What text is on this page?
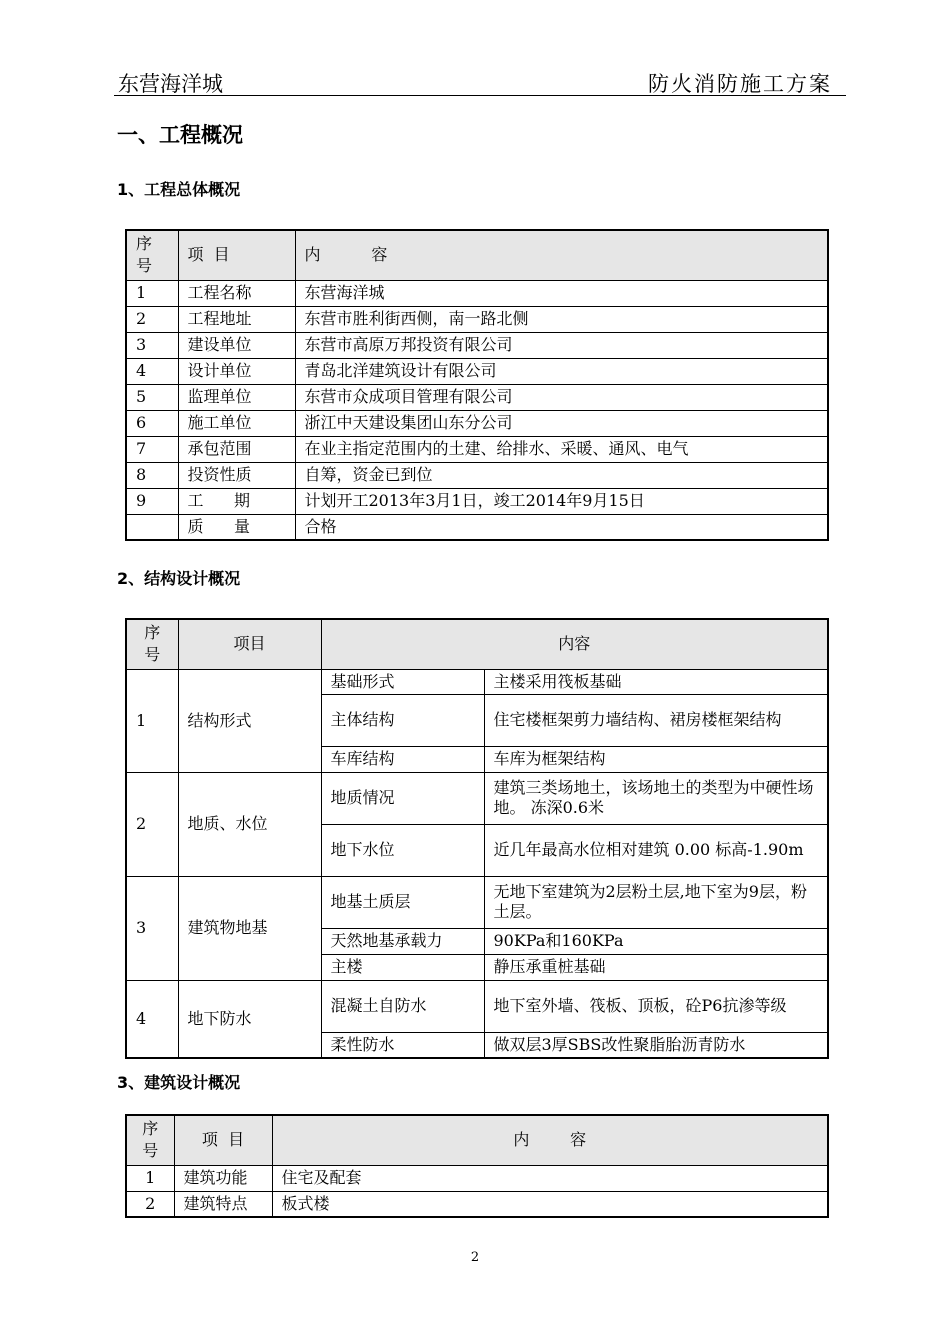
东营海洋城	防火消防施工方案
一、工程概况
1、工程总体概况
序号	项  目	内          容
1	工程名称	东营海洋城
2	工程地址	东营市胜利街西侧，南一路北侧
3	建设单位	东营市高原万邦投资有限公司
4	设计单位	青岛北洋建筑设计有限公司
5	监理单位	东营市众成项目管理有限公司
6	施工单位	浙江中天建设集团山东分公司
7	承包范围	在业主指定范围内的土建、给排水、采暖、通风、电气
8	投资性质	自筹，资金已到位
9	工      期	计划开工2013年3月1日，竣工2014年9月15日
	质      量	合格
2、结构设计概况
序号	项目	内容	
1	结构形式	基础形式	主楼采用筏板基础
		主体结构	住宅楼框架剪力墙结构、裙房楼框架结构
		车库结构	车库为框架结构
2	地质、水位	地质情况	建筑三类场地土，该场地土的类型为中硬性场地。 冻深0.6米
		地下水位	近几年最高水位相对建筑 0.00 标高-1.90m
3	建筑物地基	地基土质层	无地下室建筑为2层粉土层,地下室为9层，粉土层。
		天然地基承载力	90KPa和160KPa
		主楼	静压承重桩基础
4	地下防水	混凝土自防水	地下室外墙、筏板、顶板，砼P6抗渗等级
		柔性防水	做双层3厚SBS改性聚脂胎沥青防水
3、建筑设计概况
序号	项  目	内        容
1	建筑功能	住宅及配套
2	建筑特点	板式楼
2
